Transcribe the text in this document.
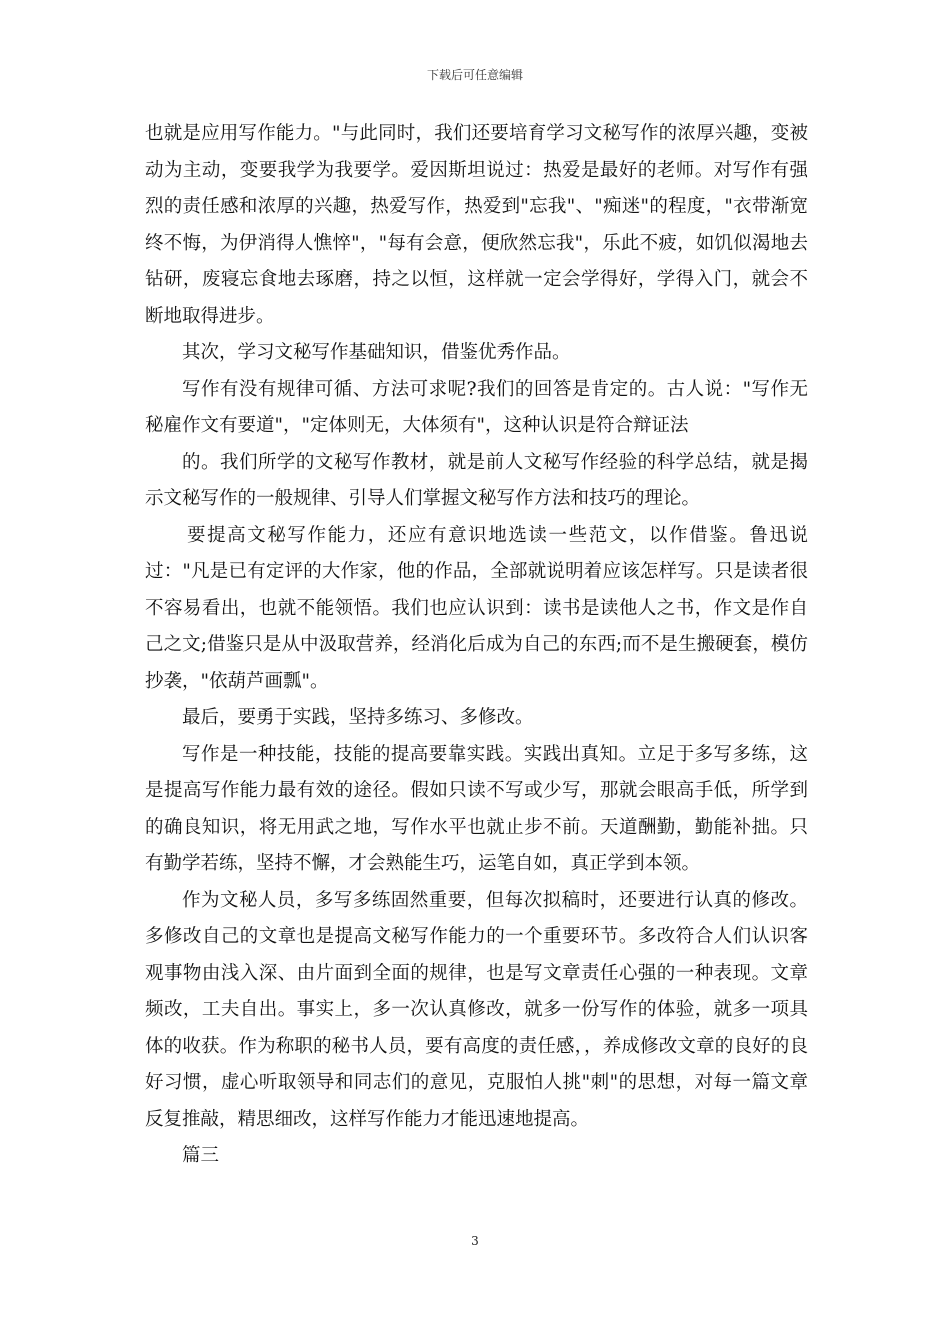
下载后可任意编辑

也就是应用写作能力。"与此同时，我们还要培育学习文秘写作的浓厚兴趣，变被动为主动，变要我学为我要学。爱因斯坦说过：热爱是最好的老师。对写作有强烈的责任感和浓厚的兴趣，热爱写作，热爱到"忘我"、"痴迷"的程度，"衣带渐宽终不悔，为伊消得人憔悴"，"每有会意，便欣然忘我"，乐此不疲，如饥似渴地去钻研，废寝忘食地去琢磨，持之以恒，这样就一定会学得好，学得入门，就会不断地取得进步。

其次，学习文秘写作基础知识，借鉴优秀作品。

写作有没有规律可循、方法可求呢?我们的回答是肯定的。古人说："写作无秘雇作文有要道"，"定体则无，大体须有"，这种认识是符合辩证法

的。我们所学的文秘写作教材，就是前人文秘写作经验的科学总结，就是揭示文秘写作的一般规律、引导人们掌握文秘写作方法和技巧的理论。

要提高文秘写作能力，还应有意识地选读一些范文，以作借鉴。鲁迅说过："凡是已有定评的大作家，他的作品，全部就说明着应该怎样写。只是读者很不容易看出，也就不能领悟。我们也应认识到：读书是读他人之书，作文是作自己之文;借鉴只是从中汲取营养，经消化后成为自己的东西;而不是生搬硬套，模仿抄袭，"依葫芦画瓢"。

最后，要勇于实践，坚持多练习、多修改。

写作是一种技能，技能的提高要靠实践。实践出真知。立足于多写多练，这是提高写作能力最有效的途径。假如只读不写或少写，那就会眼高手低，所学到的确良知识，将无用武之地，写作水平也就止步不前。天道酬勤，勤能补拙。只有勤学若练，坚持不懈，才会熟能生巧，运笔自如，真正学到本领。

作为文秘人员，多写多练固然重要，但每次拟稿时，还要进行认真的修改。多修改自己的文章也是提高文秘写作能力的一个重要环节。多改符合人们认识客观事物由浅入深、由片面到全面的规律，也是写文章责任心强的一种表现。文章频改，工夫自出。事实上，多一次认真修改，就多一份写作的体验，就多一项具体的收获。作为称职的秘书人员，要有高度的责任感，，养成修改文章的良好的良好习惯，虚心听取领导和同志们的意见，克服怕人挑"刺"的思想，对每一篇文章反复推敲，精思细改，这样写作能力才能迅速地提高。

篇三

3
